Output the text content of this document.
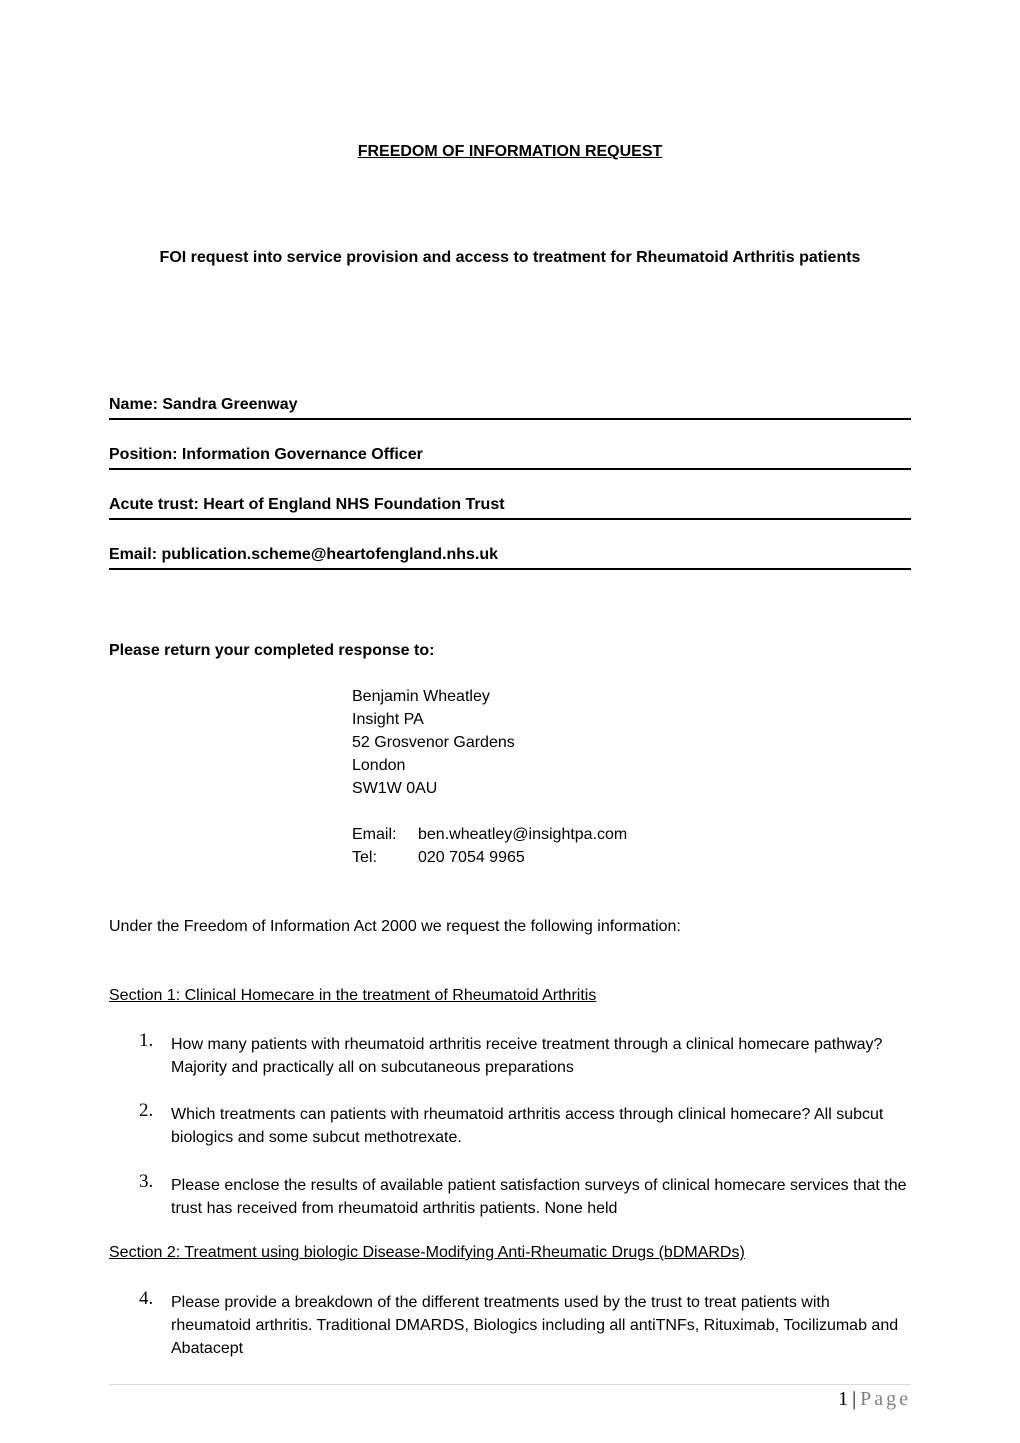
FREEDOM OF INFORMATION REQUEST
FOI request into service provision and access to treatment for Rheumatoid Arthritis patients
Name: Sandra Greenway
Position: Information Governance Officer
Acute trust: Heart of England NHS Foundation Trust
Email: publication.scheme@heartofengland.nhs.uk
Please return your completed response to:
Benjamin Wheatley
Insight PA
52 Grosvenor Gardens
London
SW1W 0AU
Email: ben.wheatley@insightpa.com
Tel:	020 7054 9965
Under the Freedom of Information Act 2000 we request the following information:
Section 1: Clinical Homecare in the treatment of Rheumatoid Arthritis
1. How many patients with rheumatoid arthritis receive treatment through a clinical homecare pathway? Majority and practically all on subcutaneous preparations
2. Which treatments can patients with rheumatoid arthritis access through clinical homecare? All subcut biologics and some subcut methotrexate.
3. Please enclose the results of available patient satisfaction surveys of clinical homecare services that the trust has received from rheumatoid arthritis patients. None held
Section 2: Treatment using biologic Disease-Modifying Anti-Rheumatic Drugs (bDMARDs)
4. Please provide a breakdown of the different treatments used by the trust to treat patients with rheumatoid arthritis. Traditional DMARDS, Biologics including all antiTNFs, Rituximab, Tocilizumab and Abatacept
1 | Page
